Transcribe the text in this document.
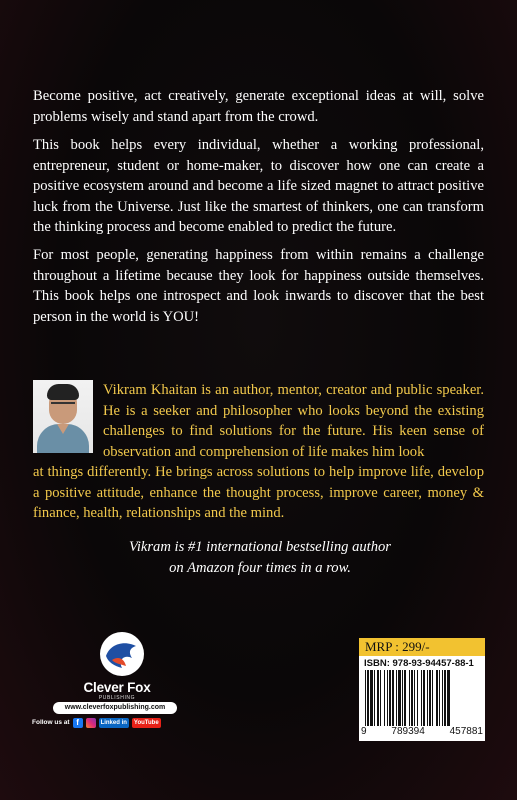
Become positive, act creatively, generate exceptional ideas at will, solve problems wisely and stand apart from the crowd.
This book helps every individual, whether a working professional, entrepreneur, student or home-maker, to discover how one can create a positive ecosystem around and become a life sized magnet to attract positive luck from the Universe. Just like the smartest of thinkers, one can transform the thinking process and become enabled to predict the future.
For most people, generating happiness from within remains a challenge throughout a lifetime because they look for happiness outside themselves. This book helps one introspect and look inwards to discover that the best person in the world is YOU!
Vikram Khaitan is an author, mentor, creator and public speaker. He is a seeker and philosopher who looks beyond the existing challenges to find solutions for the future. His keen sense of observation and comprehension of life makes him look
at things differently. He brings across solutions to help improve life, develop a positive attitude, enhance the thought process, improve career, money & finance, health, relationships and the mind.
Vikram is #1 international bestselling author
on Amazon four times in a row.
Clever Fox
PUBLISHING
www.cleverfoxpublishing.com
Follow us at f	Linked in	YouTube
MRP : 299/-
ISBN: 978-93-94457-88-1
9 789394 457881
